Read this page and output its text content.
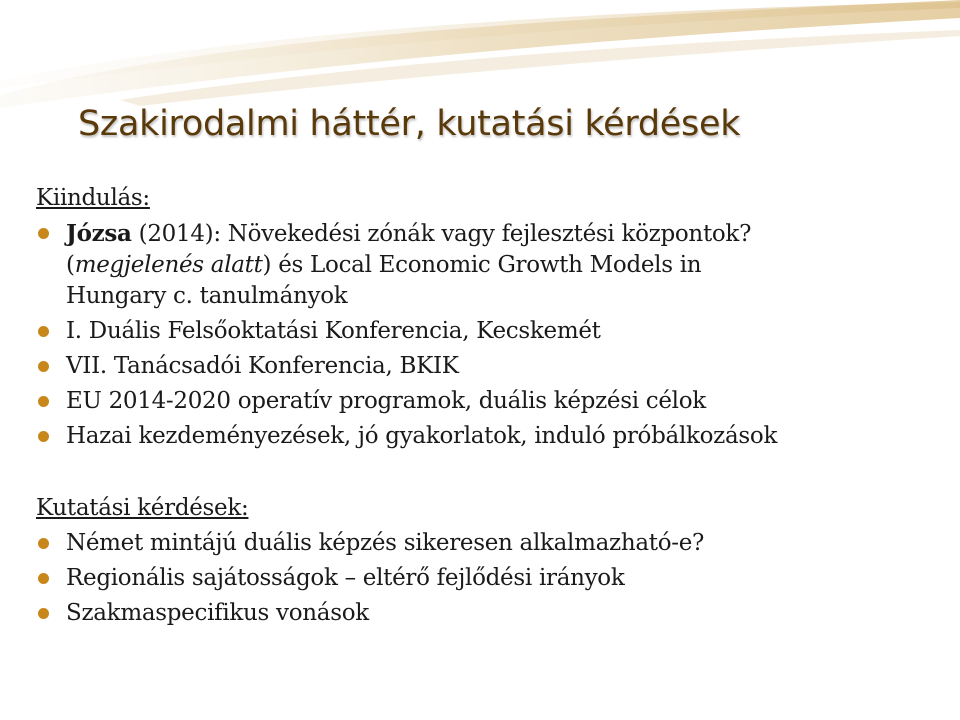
Szakirodalmi háttér, kutatási kérdések
Kiindulás:
Józsa (2014): Növekedési zónák vagy fejlesztési központok?
(megjelenés alatt) és Local Economic Growth Models in
Hungary c. tanulmányok
I. Duális Felsőoktatási Konferencia, Kecskemét
VII. Tanácsadói Konferencia, BKIK
EU 2014-2020 operatív programok, duális képzési célok
Hazai kezdeményezések, jó gyakorlatok, induló próbálkozások
Kutatási kérdések:
Német mintájú duális képzés sikeresen alkalmazható-e?
Regionális sajátosságok – eltérő fejlődési irányok
Szakmaspecifikus vonások
